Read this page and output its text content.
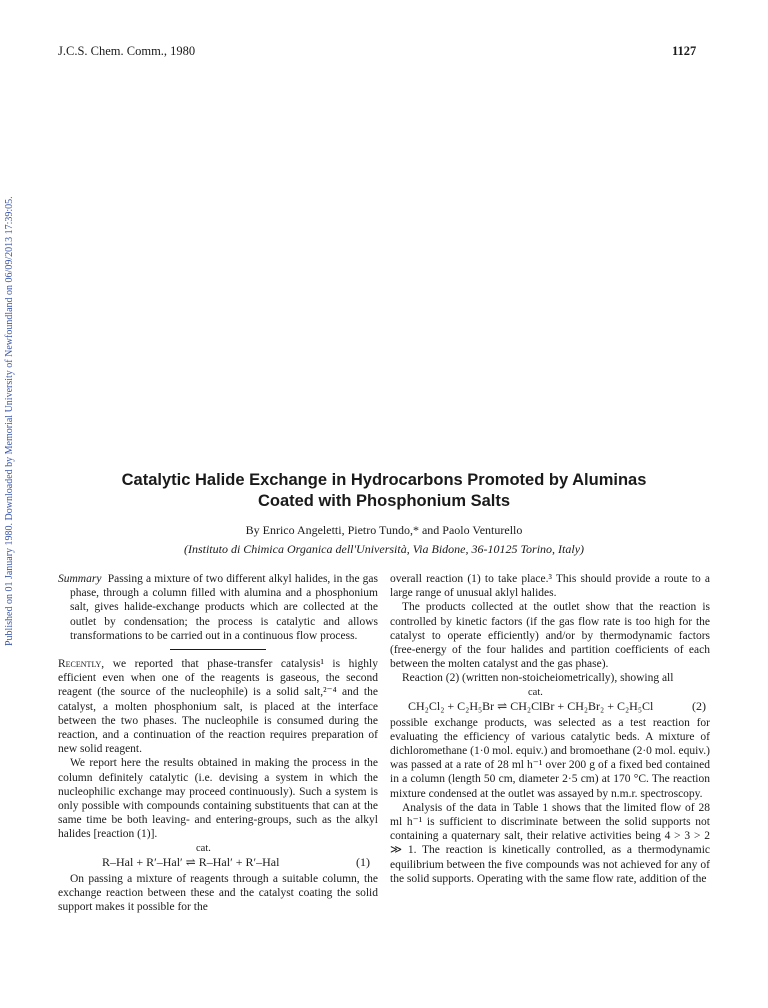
J.C.S. Chem. Comm., 1980	1127
Published on 01 January 1980. Downloaded by Memorial University of Newfoundland on 06/09/2013 17:39:05.	Catalytic Halide Exchange in Hydrocarbons Promoted by Aluminas
Coated with Phosphonium Salts
By Enrico Angeletti, Pietro Tundo,* and Paolo Venturello
(Instituto di Chimica Organica dell'Università, Via Bidone, 36-10125 Torino, Italy)

Summary Passing a mixture of two different alkyl halides, in the gas phase, through a column filled with alumina and a phosphonium salt, gives halide-exchange products which are collected at the outlet by condensation; the process is catalytic and allows transformations to be carried out in a continuous flow process.

Recently, we reported that phase-transfer catalysis¹ is highly efficient even when one of the reagents is gaseous, the second reagent (the source of the nucleophile) is a solid salt,²⁻⁴ and the catalyst, a molten phosphonium salt, is placed at the interface between the two phases. The nucleophile is consumed during the reaction, and a continuation of the reaction requires preparation of new solid reagent.

We report here the results obtained in making the process in the column definitely catalytic (i.e. devising a system in which the nucleophilic exchange may proceed continuously). Such a system is only possible with compounds containing substituents that can at the same time be both leaving- and entering-groups, such as the alkyl halides [reaction (1)].

cat.
R–Hal + R′–Hal′ ⇌ R–Hal′ + R′–Hal	(1)

On passing a mixture of reagents through a suitable column, the exchange reaction between these and the catalyst coating the solid support makes it possible for the

overall reaction (1) to take place.³ This should provide a route to a large range of unusual aklyl halides.

The products collected at the outlet show that the reaction is controlled by kinetic factors (if the gas flow rate is too high for the catalyst to operate efficiently) and/or by thermodynamic factors (free-energy of the four halides and partition coefficients of each between the molten catalyst and the gas phase).

Reaction (2) (written non-stoicheiometrically), showing all

cat.
CH₂Cl₂ + C₂H₅Br ⇌ CH₂ClBr + CH₂Br₂ + C₂H₅Cl	(2)

possible exchange products, was selected as a test reaction for evaluating the efficiency of various catalytic beds. A mixture of dichloromethane (1·0 mol. equiv.) and bromoethane (2·0 mol. equiv.) was passed at a rate of 28 ml h⁻¹ over 200 g of a fixed bed contained in a column (length 50 cm, diameter 2·5 cm) at 170 °C. The reaction mixture condensed at the outlet was assayed by n.m.r. spectroscopy.

Analysis of the data in Table 1 shows that the limited flow of 28 ml h⁻¹ is sufficient to discriminate between the solid supports not containing a quaternary salt, their relative activities being 4 > 3 > 2 ≫ 1. The reaction is kinetically controlled, as a thermodynamic equilibrium between the five compounds was not achieved for any of the solid supports. Operating with the same flow rate, addition of the
